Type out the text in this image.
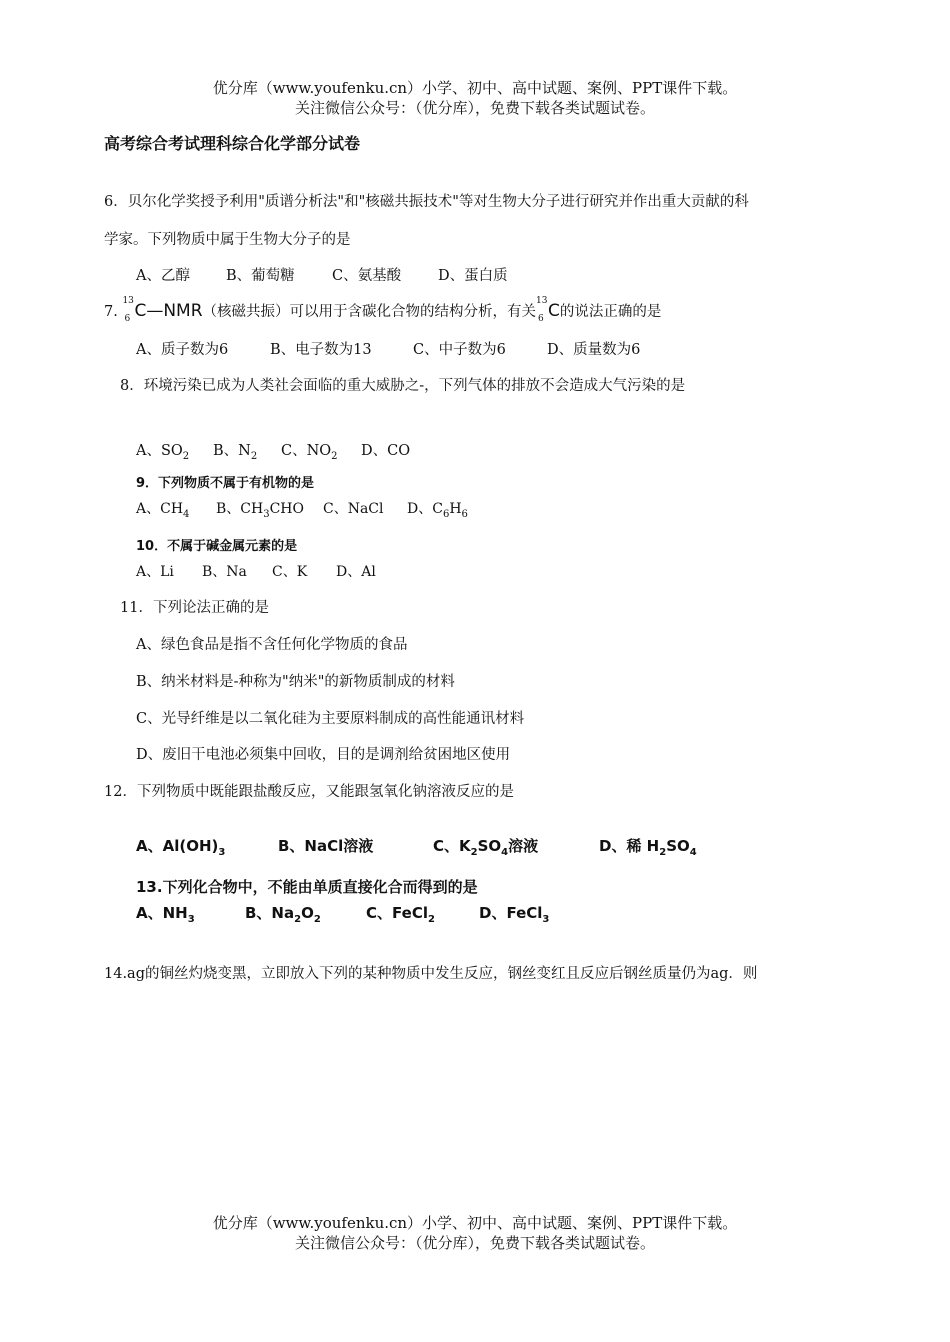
优分库（www.youfenku.cn）小学、初中、高中试题、案例、PPT课件下载。
关注微信公众号：（优分库），免费下载各类试题试卷。
高考综合考试理科综合化学部分试卷
6．贝尔化学奖授予利用"质谱分析法"和"核磁共振技术"等对生物大分子进行研究并作出重大贡献的科
学家。下列物质中属于生物大分子的是
A、乙醇 B、葡萄糖	C、氨基酸	D、蛋白质
7.
13
6 C—NMR（核磁共振）可以用于含碳化合物的结构分析，有关
13
6 C的说法正确的是
A、质子数为6	B、电子数为13	C、中子数为6	D、质量数为6
8．环境污染已成为人类社会面临的重大威胁之-，下列气体的排放不会造成大气污染的是
A、$SO_2$ B、$N_2$ C、$NO_2$ D、CO
9．下列物质不属于有机物的是
A、$CH_4$ B、$CH_3CHO$ C、NaCl D、$C_6H_6$
10．不属于碱金属元素的是
A、Li B、Na C、K D、Al
11．下列论法正确的是
A、绿色食品是指不含任何化学物质的食品
B、纳米材料是-种称为"纳米"的新物质制成的材料
C、光导纤维是以二氧化硅为主要原料制成的高性能通讯材料
D、废旧干电池必须集中回收，目的是调剂给贫困地区使用
12．下列物质中既能跟盐酸反应，又能跟氢氧化钠溶液反应的是
A、$Al(OH)_3$	B、NaCl溶液	C、$K_2SO_4$溶液	D、稀 $H_2SO_4$
13.下列化合物中，不能由单质直接化合而得到的是
A、$NH_3$	B、$Na_2O_2$	C、FeCl$_2$	D、FeCl$_3$
14.ag的铜丝灼烧变黑，立即放入下列的某种物质中发生反应，钢丝变红且反应后钢丝质量仍为ag．则
优分库（www.youfenku.cn）小学、初中、高中试题、案例、PPT课件下载。
关注微信公众号：（优分库），免费下载各类试题试卷。
